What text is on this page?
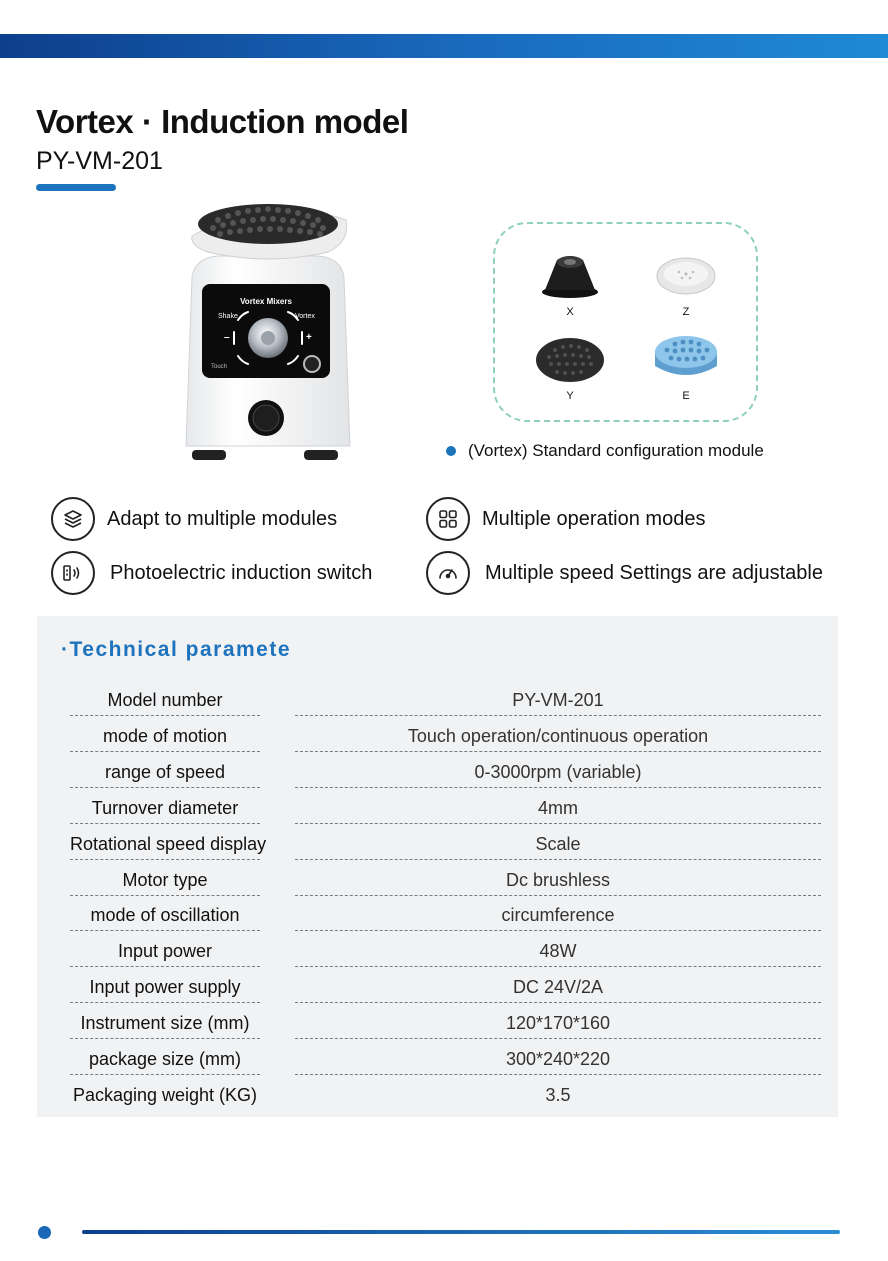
Vortex · Induction model
PY-VM-201
Vortex Mixers
Shake	Vortex
–	+
Touch
X	Z
Y	E
(Vortex) Standard configuration module
Adapt to multiple modules	Multiple operation modes
Photoelectric induction switch	Multiple speed Settings are adjustable
·Technical paramete
Model number	PY-VM-201
mode of motion	Touch operation/continuous operation
range of speed	0-3000rpm (variable)
Turnover diameter	4mm
Rotational speed display	Scale
Motor type	Dc brushless
mode of oscillation	circumference
Input power	48W
Input power supply	DC 24V/2A
Instrument size (mm)	120*170*160
package size (mm)	300*240*220
Packaging weight (KG)	3.5
